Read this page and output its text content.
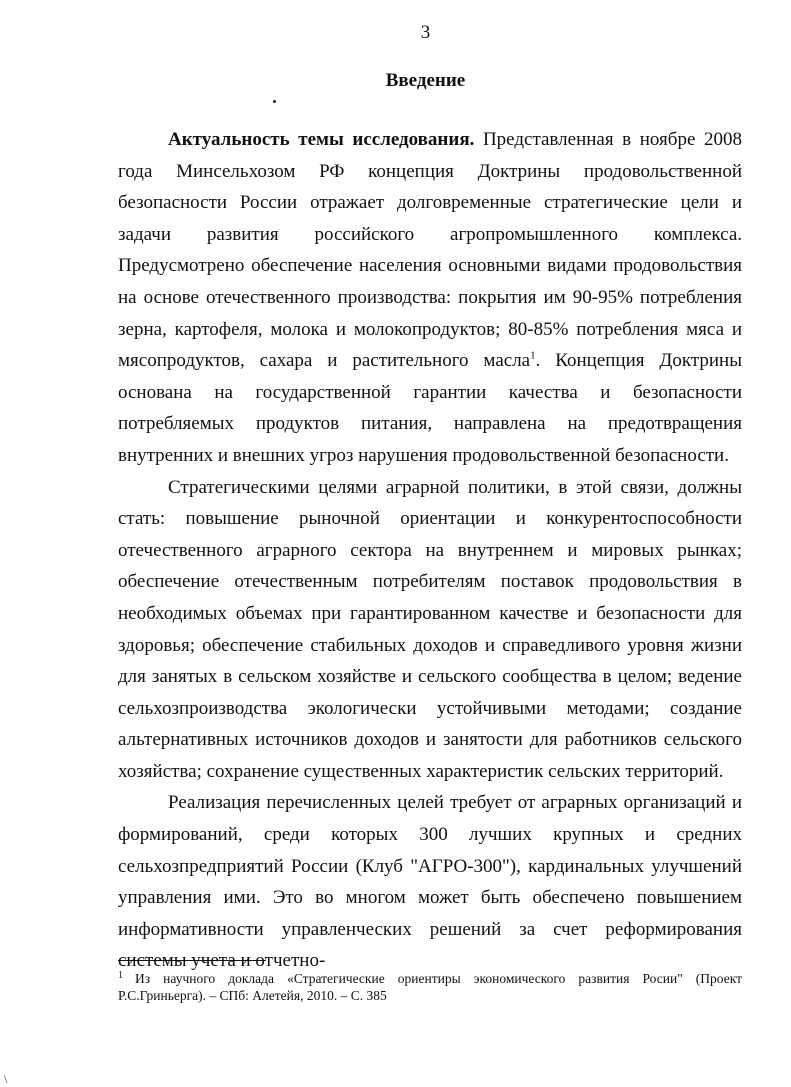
3
Введение

Актуальность темы исследования. Представленная в ноябре 2008 года Минсельхозом РФ концепция Доктрины продовольственной безопасности России отражает долговременные стратегические цели и задачи развития российского агропромышленного комплекса. Предусмотрено обеспечение населения основными видами продовольствия на основе отечественного производства: покрытия им 90-95% потребления зерна, картофеля, молока и молокопродуктов; 80-85% потребления мяса и мясопродуктов, сахара и растительного масла$^1$. Концепция Доктрины основана на государственной гарантии качества и безопасности потребляемых продуктов питания, направлена на предотвращения внутренних и внешних угроз нарушения продовольственной безопасности.

Стратегическими целями аграрной политики, в этой связи, должны стать: повышение рыночной ориентации и конкурентоспособности отечественного аграрного сектора на внутреннем и мировых рынках; обеспечение отечественным потребителям поставок продовольствия в необходимых объемах при гарантированном качестве и безопасности для здоровья; обеспечение стабильных доходов и справедливого уровня жизни для занятых в сельском хозяйстве и сельского сообщества в целом; ведение сельхозпроизводства экологически устойчивыми методами; создание альтернативных источников доходов и занятости для работников сельского хозяйства; сохранение существенных характеристик сельских территорий.

Реализация перечисленных целей требует от аграрных организаций и формирований, среди которых 300 лучших крупных и средних сельхозпредприятий России (Клуб "АГРО-300"), кардинальных улучшений управления ими. Это во многом может быть обеспечено повышением информативности управленческих решений за счет реформирования системы учета и отчетно-

$^1$ Из научного доклада «Стратегические ориентиры экономического развития Росии" (Проект Р.С.Гриньерга). – СПб: Алетейя, 2010. – С. 385
\
